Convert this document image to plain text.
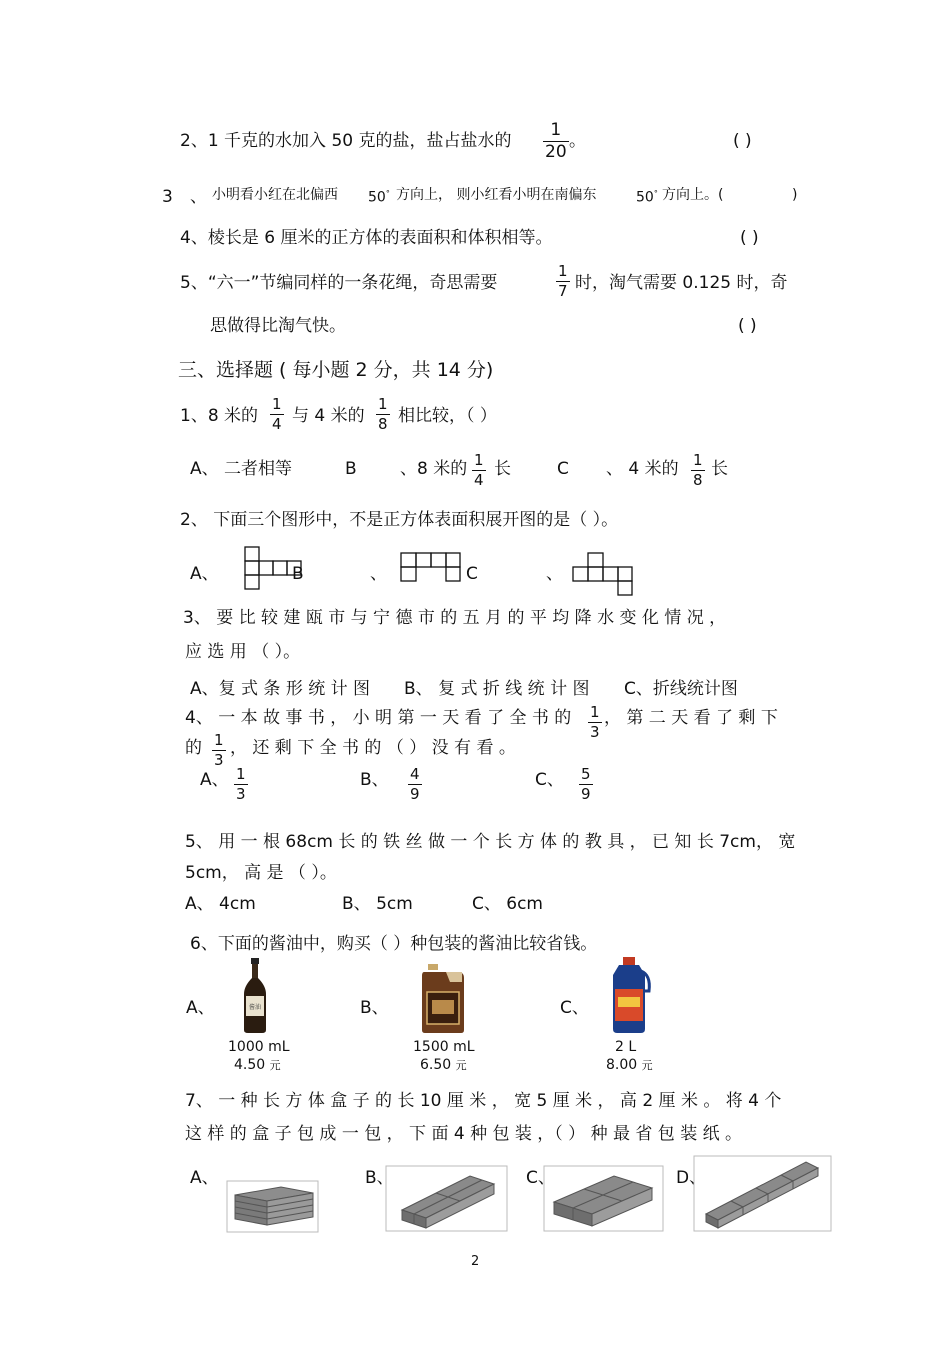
2、1 千克的水加入 50 克的盐，盐占盐水的
1
20
。	( )
3 、 小明看小红在北偏西 50° 方向上， 则小红看小明在南偏东	50° 方向上。(	)
4、棱长是 6 厘米的正方体的表面积和体积相等。	( )
5、“六一”节编同样的一条花绳，奇思需要
1
7 时，淘气需要 0.125 时，奇
思做得比淘气快。	( )
三、选择题 ( 每小题 2 分，共 14 分)
1、8 米的
1
4 与 4 米的
1
8 相比较，（ ）
A、 二者相等	B	、8 米的 1
4
长	C 、 4 米的 1
8
长
2、 下面三个图形中，不是正方体表面积展开图的是（ ）。
A、	B	、	C	、
3、 要 比 较 建 瓯 市 与 宁 德 市 的 五 月 的 平 均 降 水 变 化 情 况 ，
应 选 用 （ ）。
A、复 式 条 形 统 计 图 B、 复 式 折 线 统 计 图 C、折线统计图
4、 一 本 故 事 书 ， 小 明 第 一 天 看 了 全 书 的 1
3
， 第 二 天 看 了 剩 下
的 1
3
， 还 剩 下 全 书 的 （ ） 没 有 看 。
A、 1
3
B、 4
9
C、 5
9
5、 用 一 根 68cm 长 的 铁 丝 做 一 个 长 方 体 的 教 具 ， 已 知 长 7cm， 宽
5cm， 高 是 （ ）。
A、 4cm	B、 5cm	C、 6cm
6、下面的酱油中，购买（ ）种包装的酱油比较省钱。
A、	B、	C、
酱油
1000 mL
4.50 元
1500 mL
6.50 元
2 L
8.00 元
7、 一 种 长 方 体 盒 子 的 长 10 厘 米 ， 宽 5 厘 米 ， 高 2 厘 米 。 将 4 个
这 样 的 盒 子 包 成 一 包 ， 下 面 4 种 包 装 ，（ ） 种 最 省 包 装 纸 。
A、	B、	C、	D、
2
